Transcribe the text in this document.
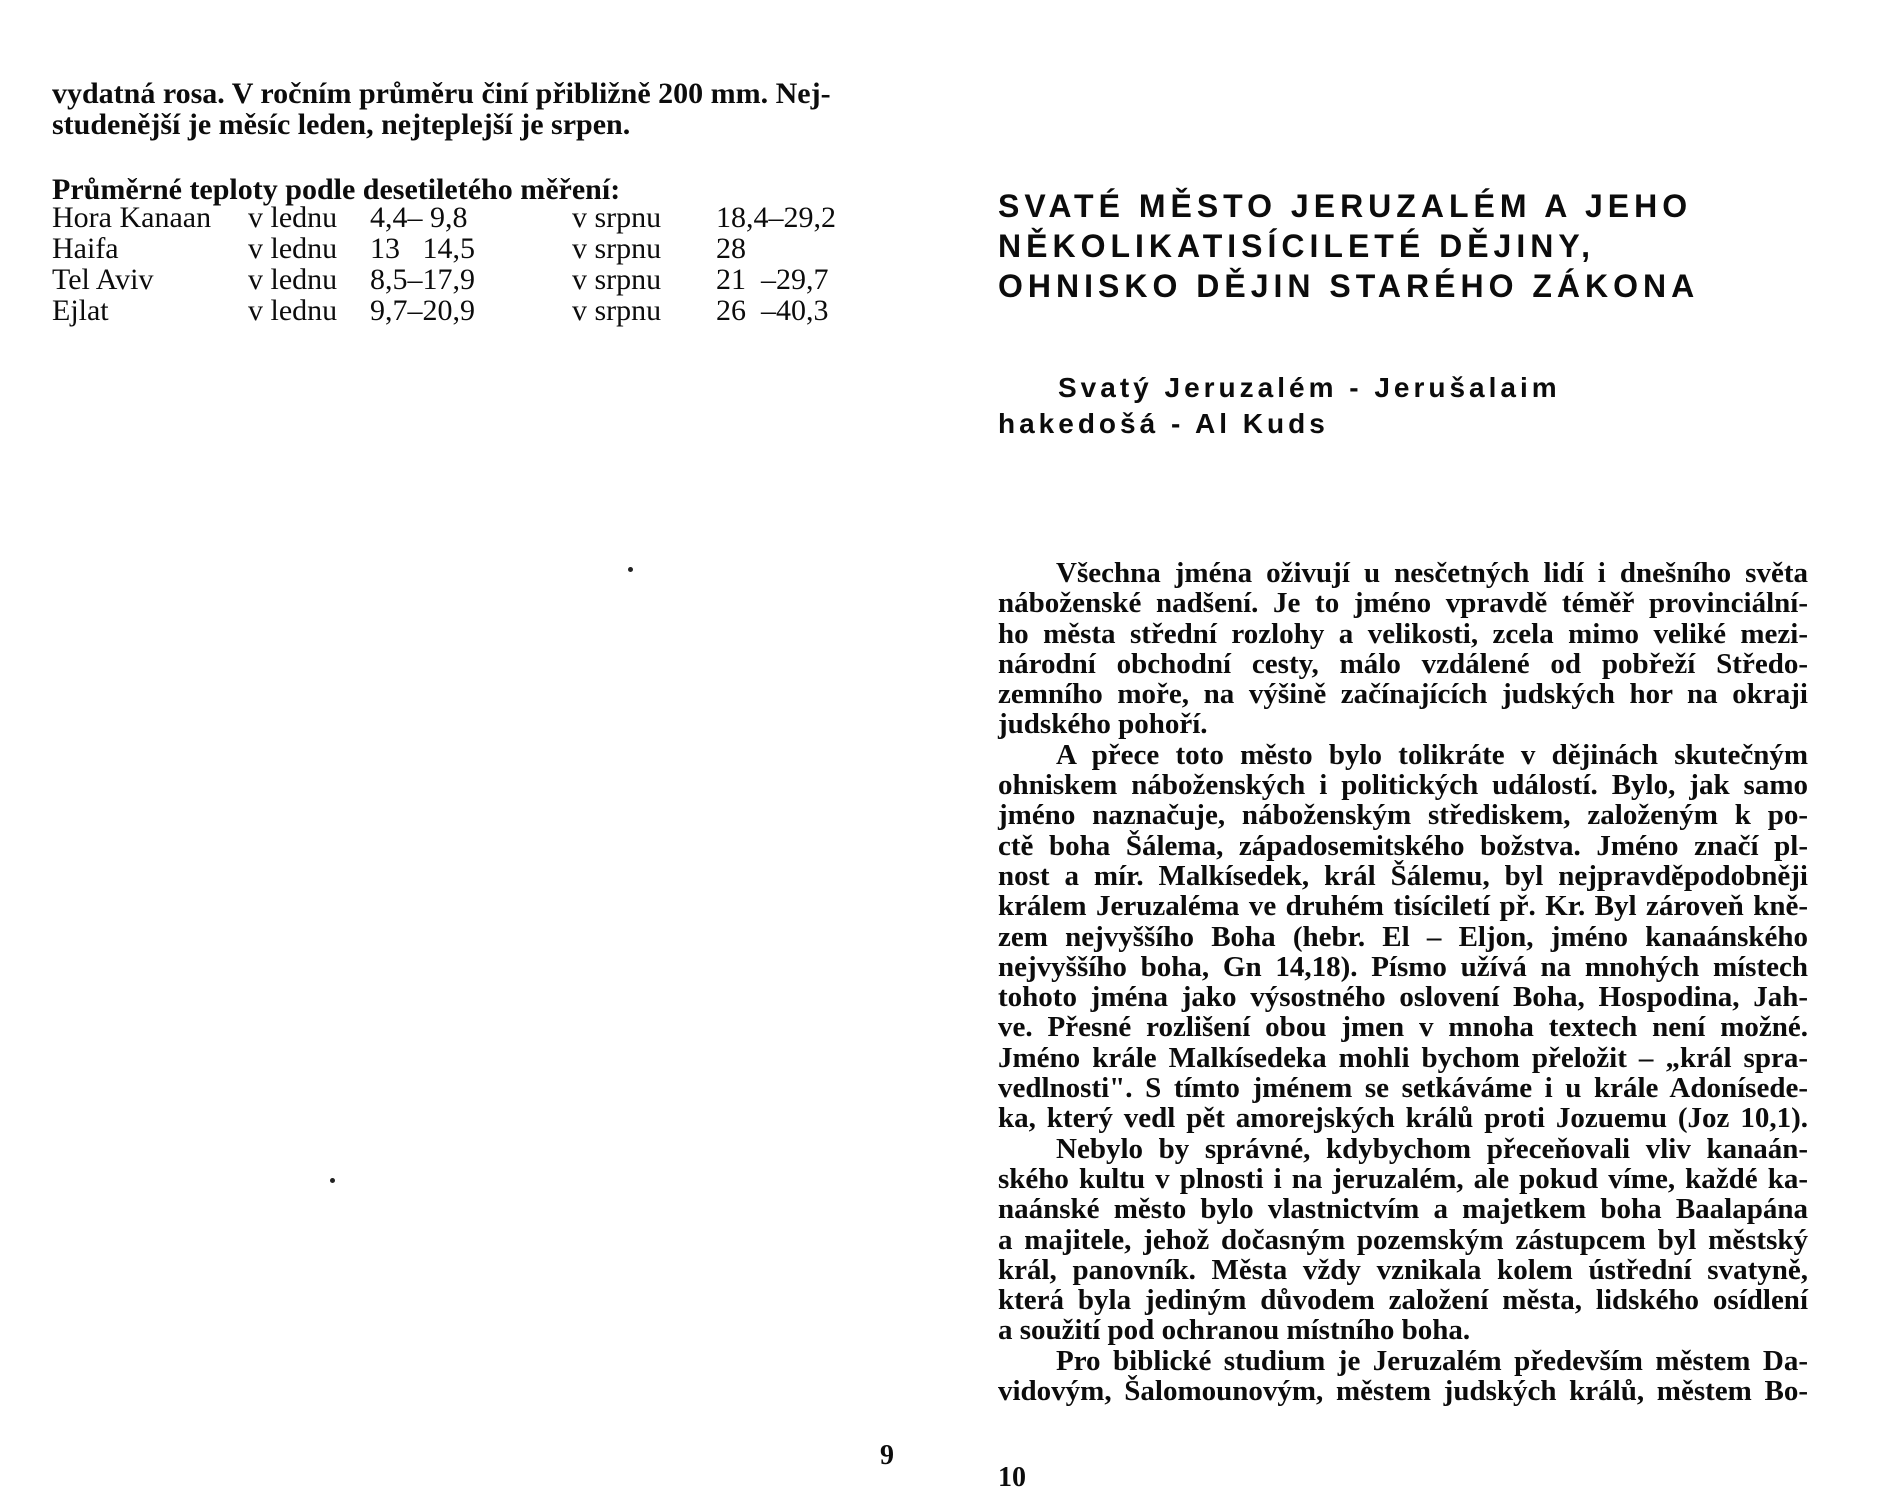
vydatná rosa. V ročním průměru činí přibližně 200 mm. Nej-
studenější je měsíc leden, nejteplejší je srpen.
Průměrné teploty podle desetiletého měření:
Hora Kanaan v lednu 4,4– 9,8	v srpnu 18,4–29,2
Haifa	v lednu 13   14,5	v srpnu 28
Tel Aviv	v lednu 8,5–17,9	v srpnu 21  –29,7
Ejlat	v lednu 9,7–20,9	v srpnu 26  –40,3
9
SVATÉ MĚSTO JERUZALÉM A JEHO
NĚKOLIKATISÍCILETÉ DĚJINY,
OHNISKO DĚJIN STARÉHO ZÁKONA
Svatý Jeruzalém - Jerušalaim
hakedošá - Al Kuds
Všechna jména oživují u nesčetných lidí i dnešního světa
náboženské nadšení. Je to jméno vpravdě téměř provinciální-
ho města střední rozlohy a velikosti, zcela mimo veliké mezi-
národní obchodní cesty, málo vzdálené od pobřeží Středo-
zemního moře, na výšině začínajících judských hor na okraji
judského pohoří.
A přece toto město bylo tolikráte v dějinách skutečným
ohniskem náboženských i politických událostí. Bylo, jak samo
jméno naznačuje, náboženským střediskem, založeným k po-
ctě boha Šálema, západosemitského božstva. Jméno značí pl-
nost a mír. Malkísedek, král Šálemu, byl nejpravděpodobněji
králem Jeruzaléma ve druhém tisíciletí př. Kr. Byl zároveň kně-
zem nejvyššího Boha (hebr. El – Eljon, jméno kanaánského
nejvyššího boha, Gn 14,18). Písmo užívá na mnohých místech
tohoto jména jako výsostného oslovení Boha, Hospodina, Jah-
ve. Přesné rozlišení obou jmen v mnoha textech není možné.
Jméno krále Malkísedeka mohli bychom přeložit – „král spra-
vedlnosti". S tímto jménem se setkáváme i u krále Adonísede-
ka, který vedl pět amorejských králů proti Jozuemu (Joz 10,1).
Nebylo by správné, kdybychom přeceňovali vliv kanaán-
ského kultu v plnosti i na jeruzalém, ale pokud víme, každé ka-
naánské město bylo vlastnictvím a majetkem boha Baalapána
a majitele, jehož dočasným pozemským zástupcem byl městský
král, panovník. Města vždy vznikala kolem ústřední svatyně,
která byla jediným důvodem založení města, lidského osídlení
a soužití pod ochranou místního boha.
Pro biblické studium je Jeruzalém především městem Da-
vidovým, Šalomounovým, městem judských králů, městem Bo-
10
